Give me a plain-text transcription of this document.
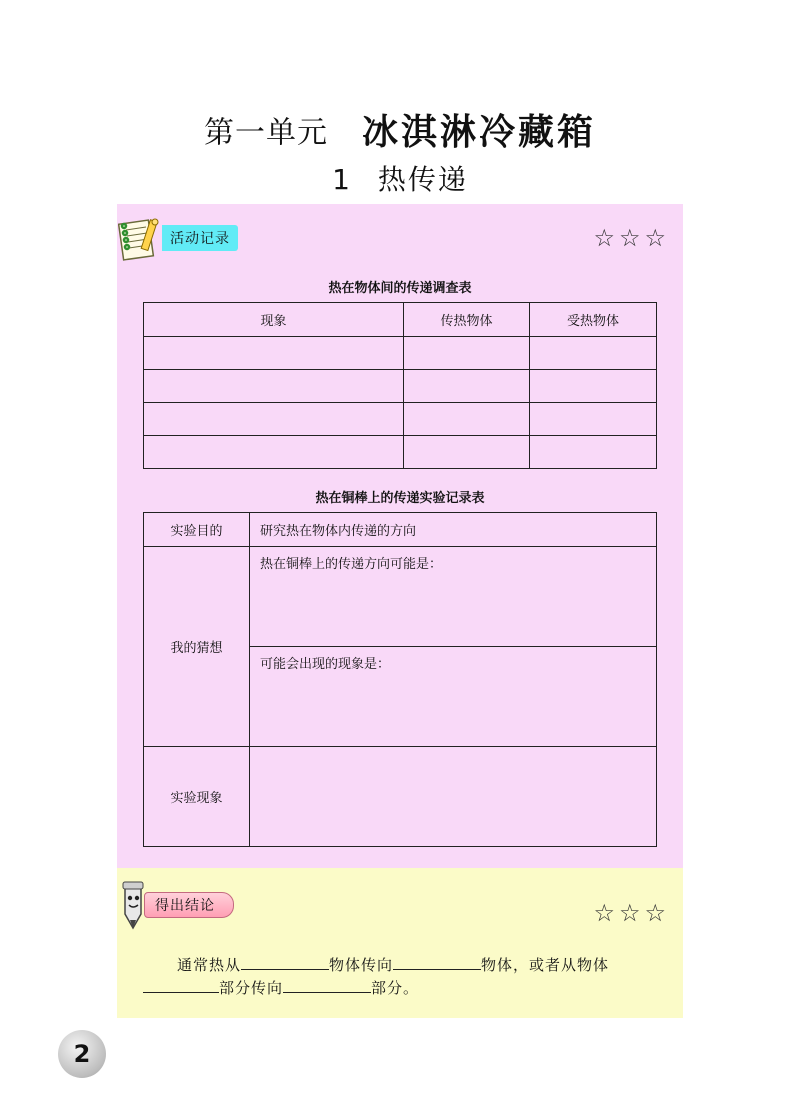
第一单元 冰淇淋冷藏箱
1 热传递
活动记录	☆☆☆
热在物体间的传递调查表
现象	传热物体	受热物体

热在铜棒上的传递实验记录表
实验目的	研究热在物体内传递的方向
我的猜想	热在铜棒上的传递方向可能是：
	可能会出现的现象是：
实验现象	
得出结论	☆☆☆
通常热从	物体传向	物体，或者从物体
部分传向	部分。
2
